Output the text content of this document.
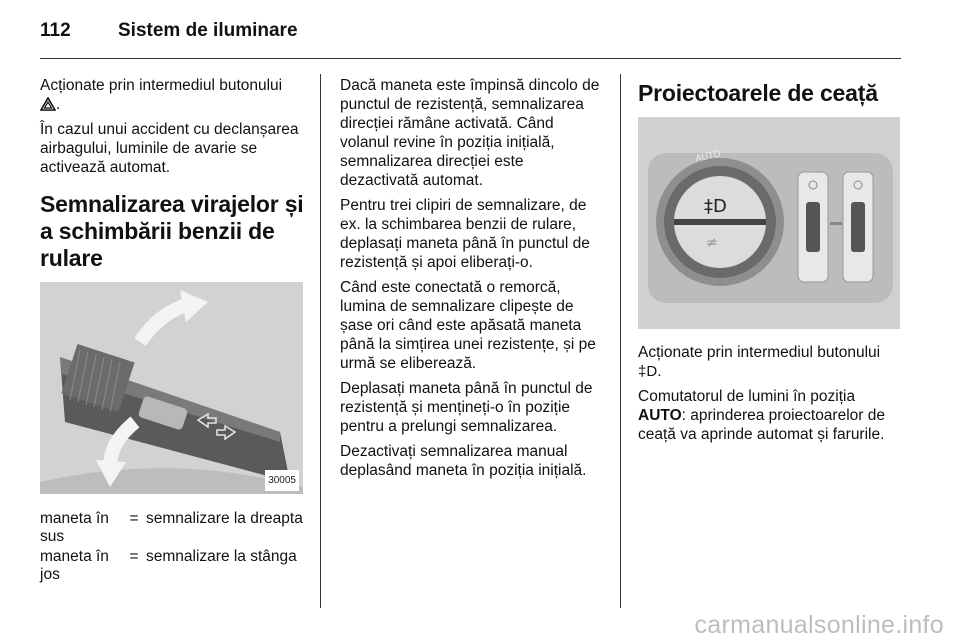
112 Sistem de iluminare

Acționate prin intermediul butonului
.

În cazul unui accident cu declanșarea airbagului, luminile de avarie se activează automat.

Semnalizarea virajelor și a schimbării benzii de rulare
30005
maneta în sus	=	semnalizare la dreapta
maneta în jos	=	semnalizare la stânga

Dacă maneta este împinsă dincolo de punctul de rezistență, semnalizarea direcției rămâne activată. Când volanul revine în poziția inițială, semnalizarea direcției este dezactivată automat.

Pentru trei clipiri de semnalizare, de ex. la schimbarea benzii de rulare, deplasați maneta până în punctul de rezistență și apoi eliberați-o.

Când este conectată o remorcă, lumina de semnalizare clipește de șase ori când este apăsată maneta până la simțirea unei rezistențe, și pe urmă se eliberează.

Deplasați maneta până în punctul de rezistență și mențineți-o în poziție pentru a prelungi semnalizarea.

Dezactivați semnalizarea manual deplasând maneta în poziția inițială.

Proiectoarele de ceață
‡D
≠
AUTO

Acționate prin intermediul butonului
‡D.

Comutatorul de lumini în poziția
AUTO: aprinderea proiectoarelor de ceață va aprinde automat și farurile.

carmanualsonline.info
